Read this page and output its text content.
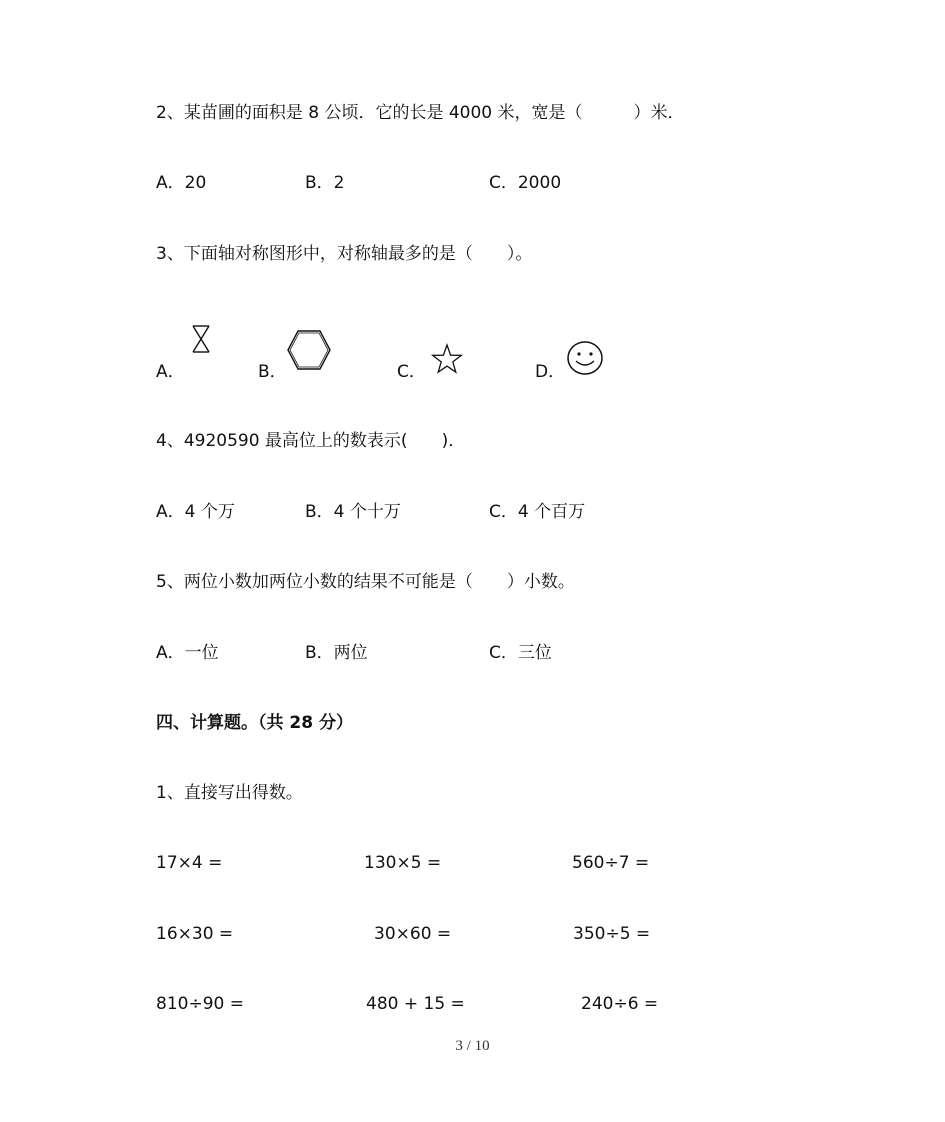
2、某苗圃的面积是 8 公顷．它的长是 4000 米，宽是（　　　）米．
A．20	B．2	C．2000
3、下面轴对称图形中，对称轴最多的是（　　）。
A．	B．	C．	D．
4、4920590 最高位上的数表示(　　)．
A．4 个万	B．4 个十万	C．4 个百万
5、两位小数加两位小数的结果不可能是（　　）小数。
A．一位	B．两位	C．三位
四、计算题。（共 28 分）
1、直接写出得数。
17×4 =	130×5 =	560÷7 =
16×30 =	30×60 =	350÷5 =
810÷90 =	480 + 15 =	240÷6 =
3 / 10
